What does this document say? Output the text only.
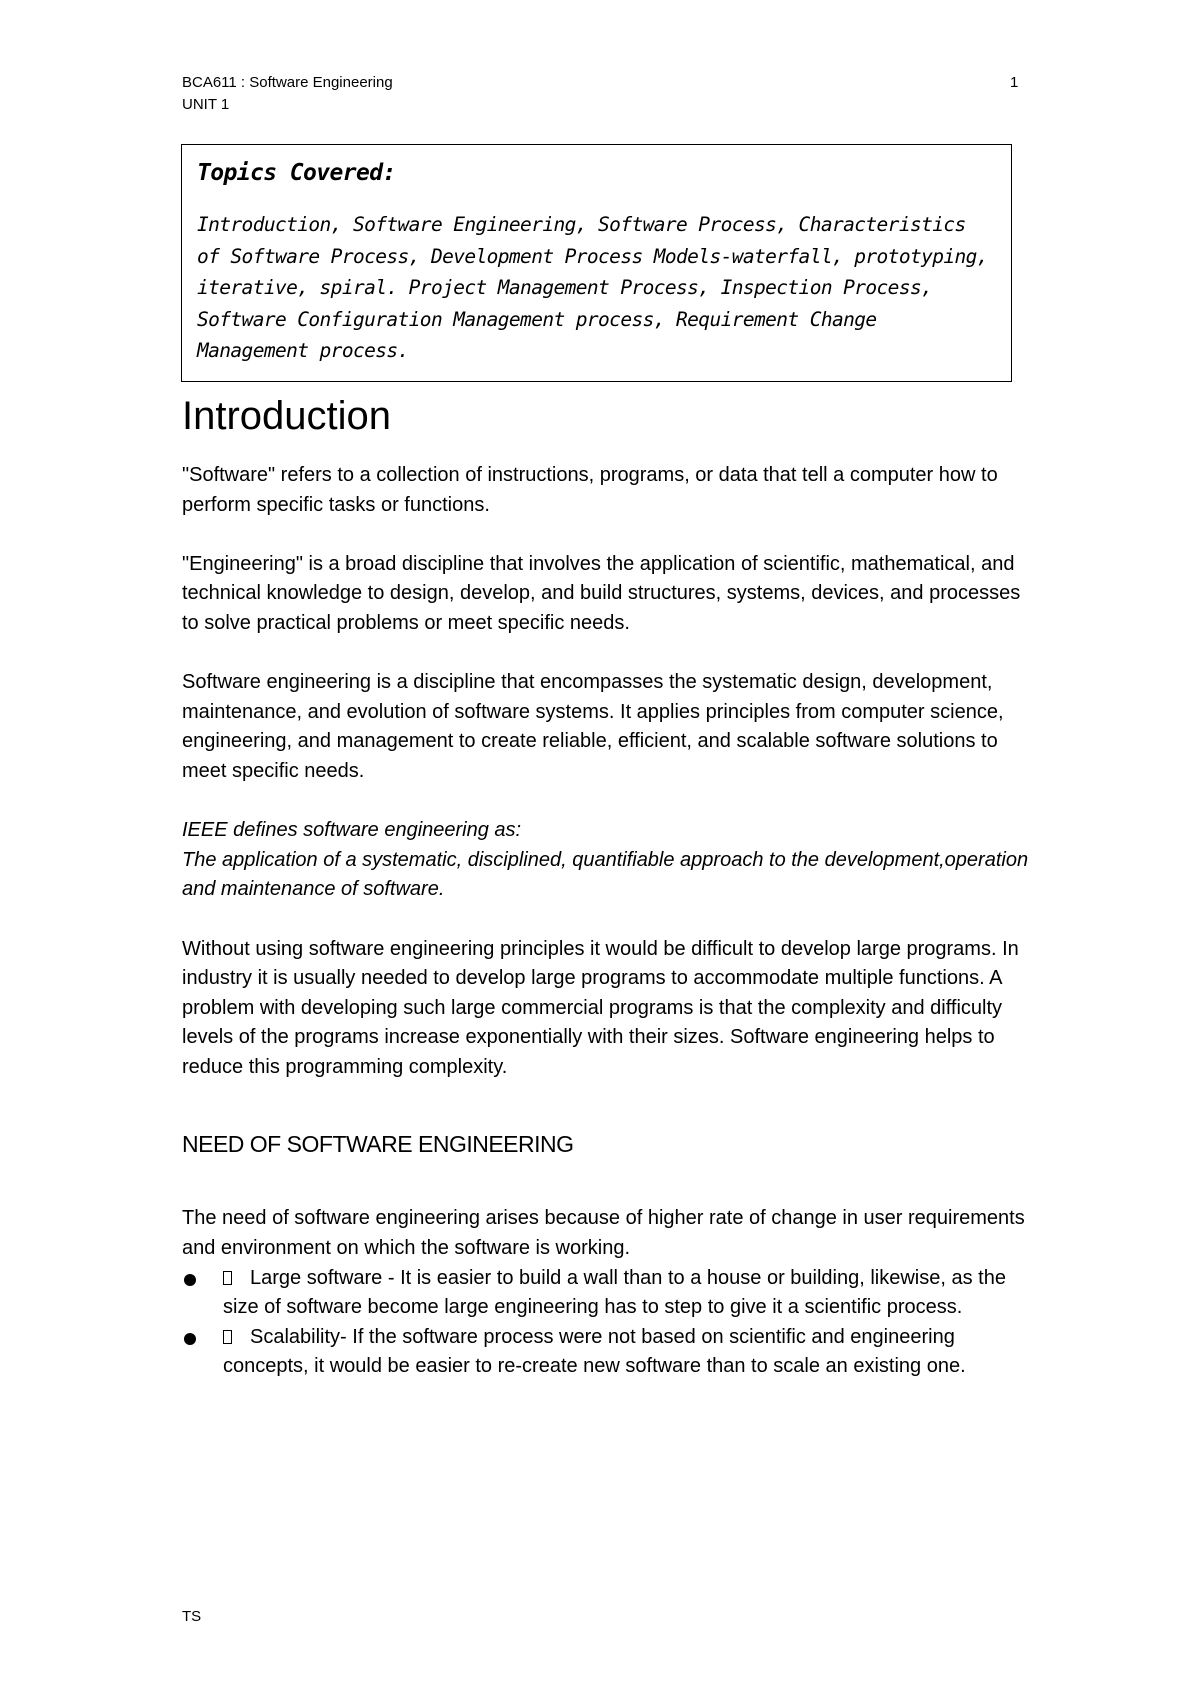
BCA611 : Software Engineering
UNIT 1
1
Topics Covered:

Introduction, Software Engineering, Software Process, Characteristics of Software Process, Development Process Models-waterfall, prototyping, iterative, spiral. Project Management Process, Inspection Process, Software Configuration Management process, Requirement Change Management process.

Introduction

"Software" refers to a collection of instructions, programs, or data that tell a computer how to perform specific tasks or functions.

"Engineering" is a broad discipline that involves the application of scientific, mathematical, and technical knowledge to design, develop, and build structures, systems, devices, and processes to solve practical problems or meet specific needs.

Software engineering is a discipline that encompasses the systematic design, development, maintenance, and evolution of software systems. It applies principles from computer science, engineering, and management to create reliable, efficient, and scalable software solutions to meet specific needs.

IEEE defines software engineering as:
The application of a systematic, disciplined, quantifiable approach to the development,operation and maintenance of software.

Without using software engineering principles it would be difficult to develop large programs. In industry it is usually needed to develop large programs to accommodate multiple functions. A problem with developing such large commercial programs is that the complexity and difficulty levels of the programs increase exponentially with their sizes. Software engineering helps to reduce this programming complexity.

NEED OF SOFTWARE ENGINEERING
The need of software engineering arises because of higher rate of change in user requirements
and environment on which the software is working.
Large software - It is easier to build a wall than to a house or building, likewise, as the size of software become large engineering has to step to give it a scientific process.
Scalability- If the software process were not based on scientific and engineering concepts, it would be easier to re-create new software than to scale an existing one.
TS
